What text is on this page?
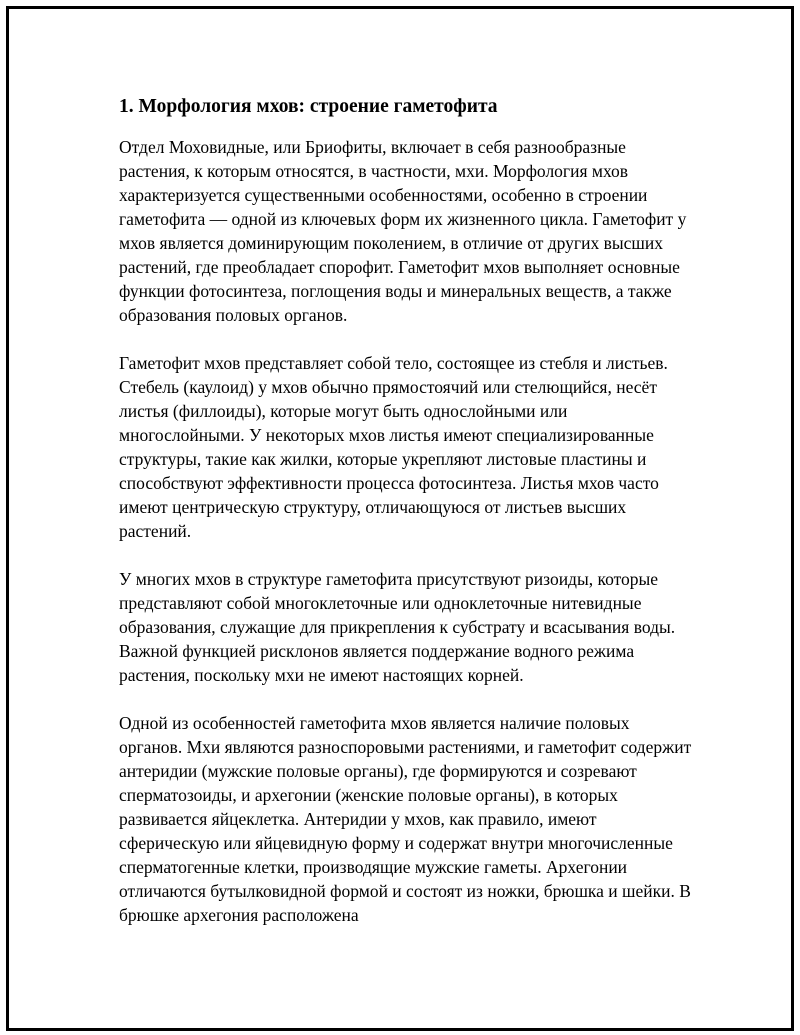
1. Морфология мхов: строение гаметофита

Отдел Моховидные, или Бриофиты, включает в себя разнообразные растения, к которым относятся, в частности, мхи. Морфология мхов характеризуется существенными особенностями, особенно в строении гаметофита — одной из ключевых форм их жизненного цикла. Гаметофит у мхов является доминирующим поколением, в отличие от других высших растений, где преобладает спорофит. Гаметофит мхов выполняет основные функции фотосинтеза, поглощения воды и минеральных веществ, а также образования половых органов.

Гаметофит мхов представляет собой тело, состоящее из стебля и листьев. Стебель (каулоид) у мхов обычно прямостоячий или стелющийся, несёт листья (филлоиды), которые могут быть однослойными или многослойными. У некоторых мхов листья имеют специализированные структуры, такие как жилки, которые укрепляют листовые пластины и способствуют эффективности процесса фотосинтеза. Листья мхов часто имеют центрическую структуру, отличающуюся от листьев высших растений.

У многих мхов в структуре гаметофита присутствуют ризоиды, которые представляют собой многоклеточные или одноклеточные нитевидные образования, служащие для прикрепления к субстрату и всасывания воды. Важной функцией рисклонов является поддержание водного режима растения, поскольку мхи не имеют настоящих корней.

Одной из особенностей гаметофита мхов является наличие половых органов. Мхи являются разноспоровыми растениями, и гаметофит содержит антеридии (мужские половые органы), где формируются и созревают сперматозоиды, и архегонии (женские половые органы), в которых развивается яйцеклетка. Антеридии у мхов, как правило, имеют сферическую или яйцевидную форму и содержат внутри многочисленные сперматогенные клетки, производящие мужские гаметы. Архегонии отличаются бутылковидной формой и состоят из ножки, брюшка и шейки. В брюшке архегония расположена
